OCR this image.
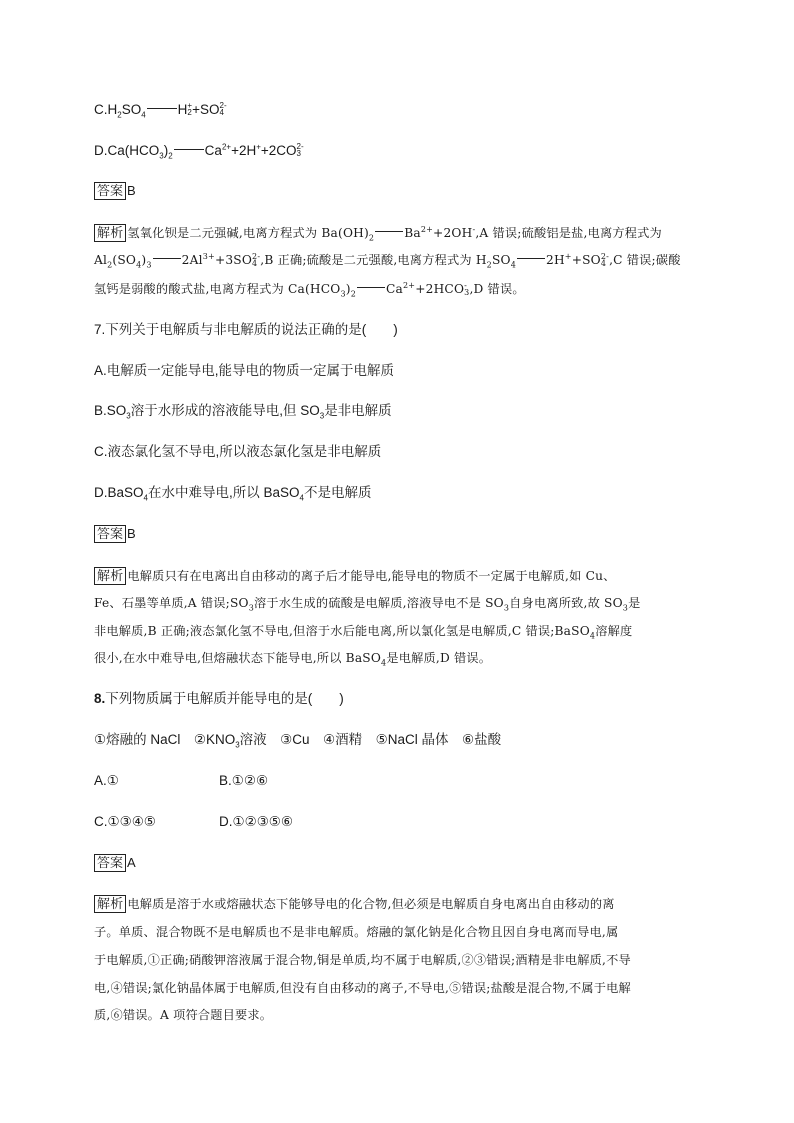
$C.H_2SO_4$ H +
2 +SO 2-
4
$D.Ca(HCO_3)_2$ $Ca^{2+}+2H^++2CO$ 2-
3
答案 B
解析 氢氧化钡是二元强碱,电离方程式为 $Ba(OH)_2$ $Ba^{2+}+2OH^-,A$ 错误;硫酸铝是盐,电离方程式为
$Al_2(SO_4)_3$ $2Al^{3+}+3SO$ 2-
4 ,B 正确;硫酸是二元强酸,电离方程式为 $H_2SO_4$ 2H++SO 2-
4 ,C 错误;碳酸
氢钙是弱酸的酸式盐,电离方程式为 $Ca(HCO_3)_2$ $Ca^{2+}+2HCO$ -
3 ,D 错误。
7.下列关于电解质与非电解质的说法正确的是(　　)
A.电解质一定能导电,能导电的物质一定属于电解质
$B.SO_3$溶于水形成的溶液能导电,但 $SO_3$是非电解质
C.液态氯化氢不导电,所以液态氯化氢是非电解质
D.BaSO$_4$在水中难导电,所以 BaSO$_4$不是电解质
答案 B
解析 电解质只有在电离出自由移动的离子后才能导电,能导电的物质不一定属于电解质,如 Cu、
Fe、石墨等单质,A 错误$;SO_3$溶于水生成的硫酸是电解质,溶液导电不是 $SO_3$自身电离所致,故 $SO_3$是
非电解质,B 正确;液态氯化氢不导电,但溶于水后能电离,所以氯化氢是电解质,C 错误;BaSO$_4$溶解度
很小,在水中难导电,但熔融状态下能导电,所以 BaSO$_4$是电解质,D 错误。
8.下列物质属于电解质并能导电的是(　　)
①熔融的 NaCl　$②KNO_3$溶液　③Cu　④酒精　⑤NaCl 晶体　⑥盐酸
A.①	B.①②⑥
C.①③④⑤	D.①②③⑤⑥
答案 A
解析 电解质是溶于水或熔融状态下能够导电的化合物,但必须是电解质自身电离出自由移动的离
子。单质、混合物既不是电解质也不是非电解质。熔融的氯化钠是化合物且因自身电离而导电,属
于电解质,①正确;硝酸钾溶液属于混合物,铜是单质,均不属于电解质,②③错误;酒精是非电解质,不导
电,④错误;氯化钠晶体属于电解质,但没有自由移动的离子,不导电,⑤错误;盐酸是混合物,不属于电解
质,⑥错误。A 项符合题目要求。
